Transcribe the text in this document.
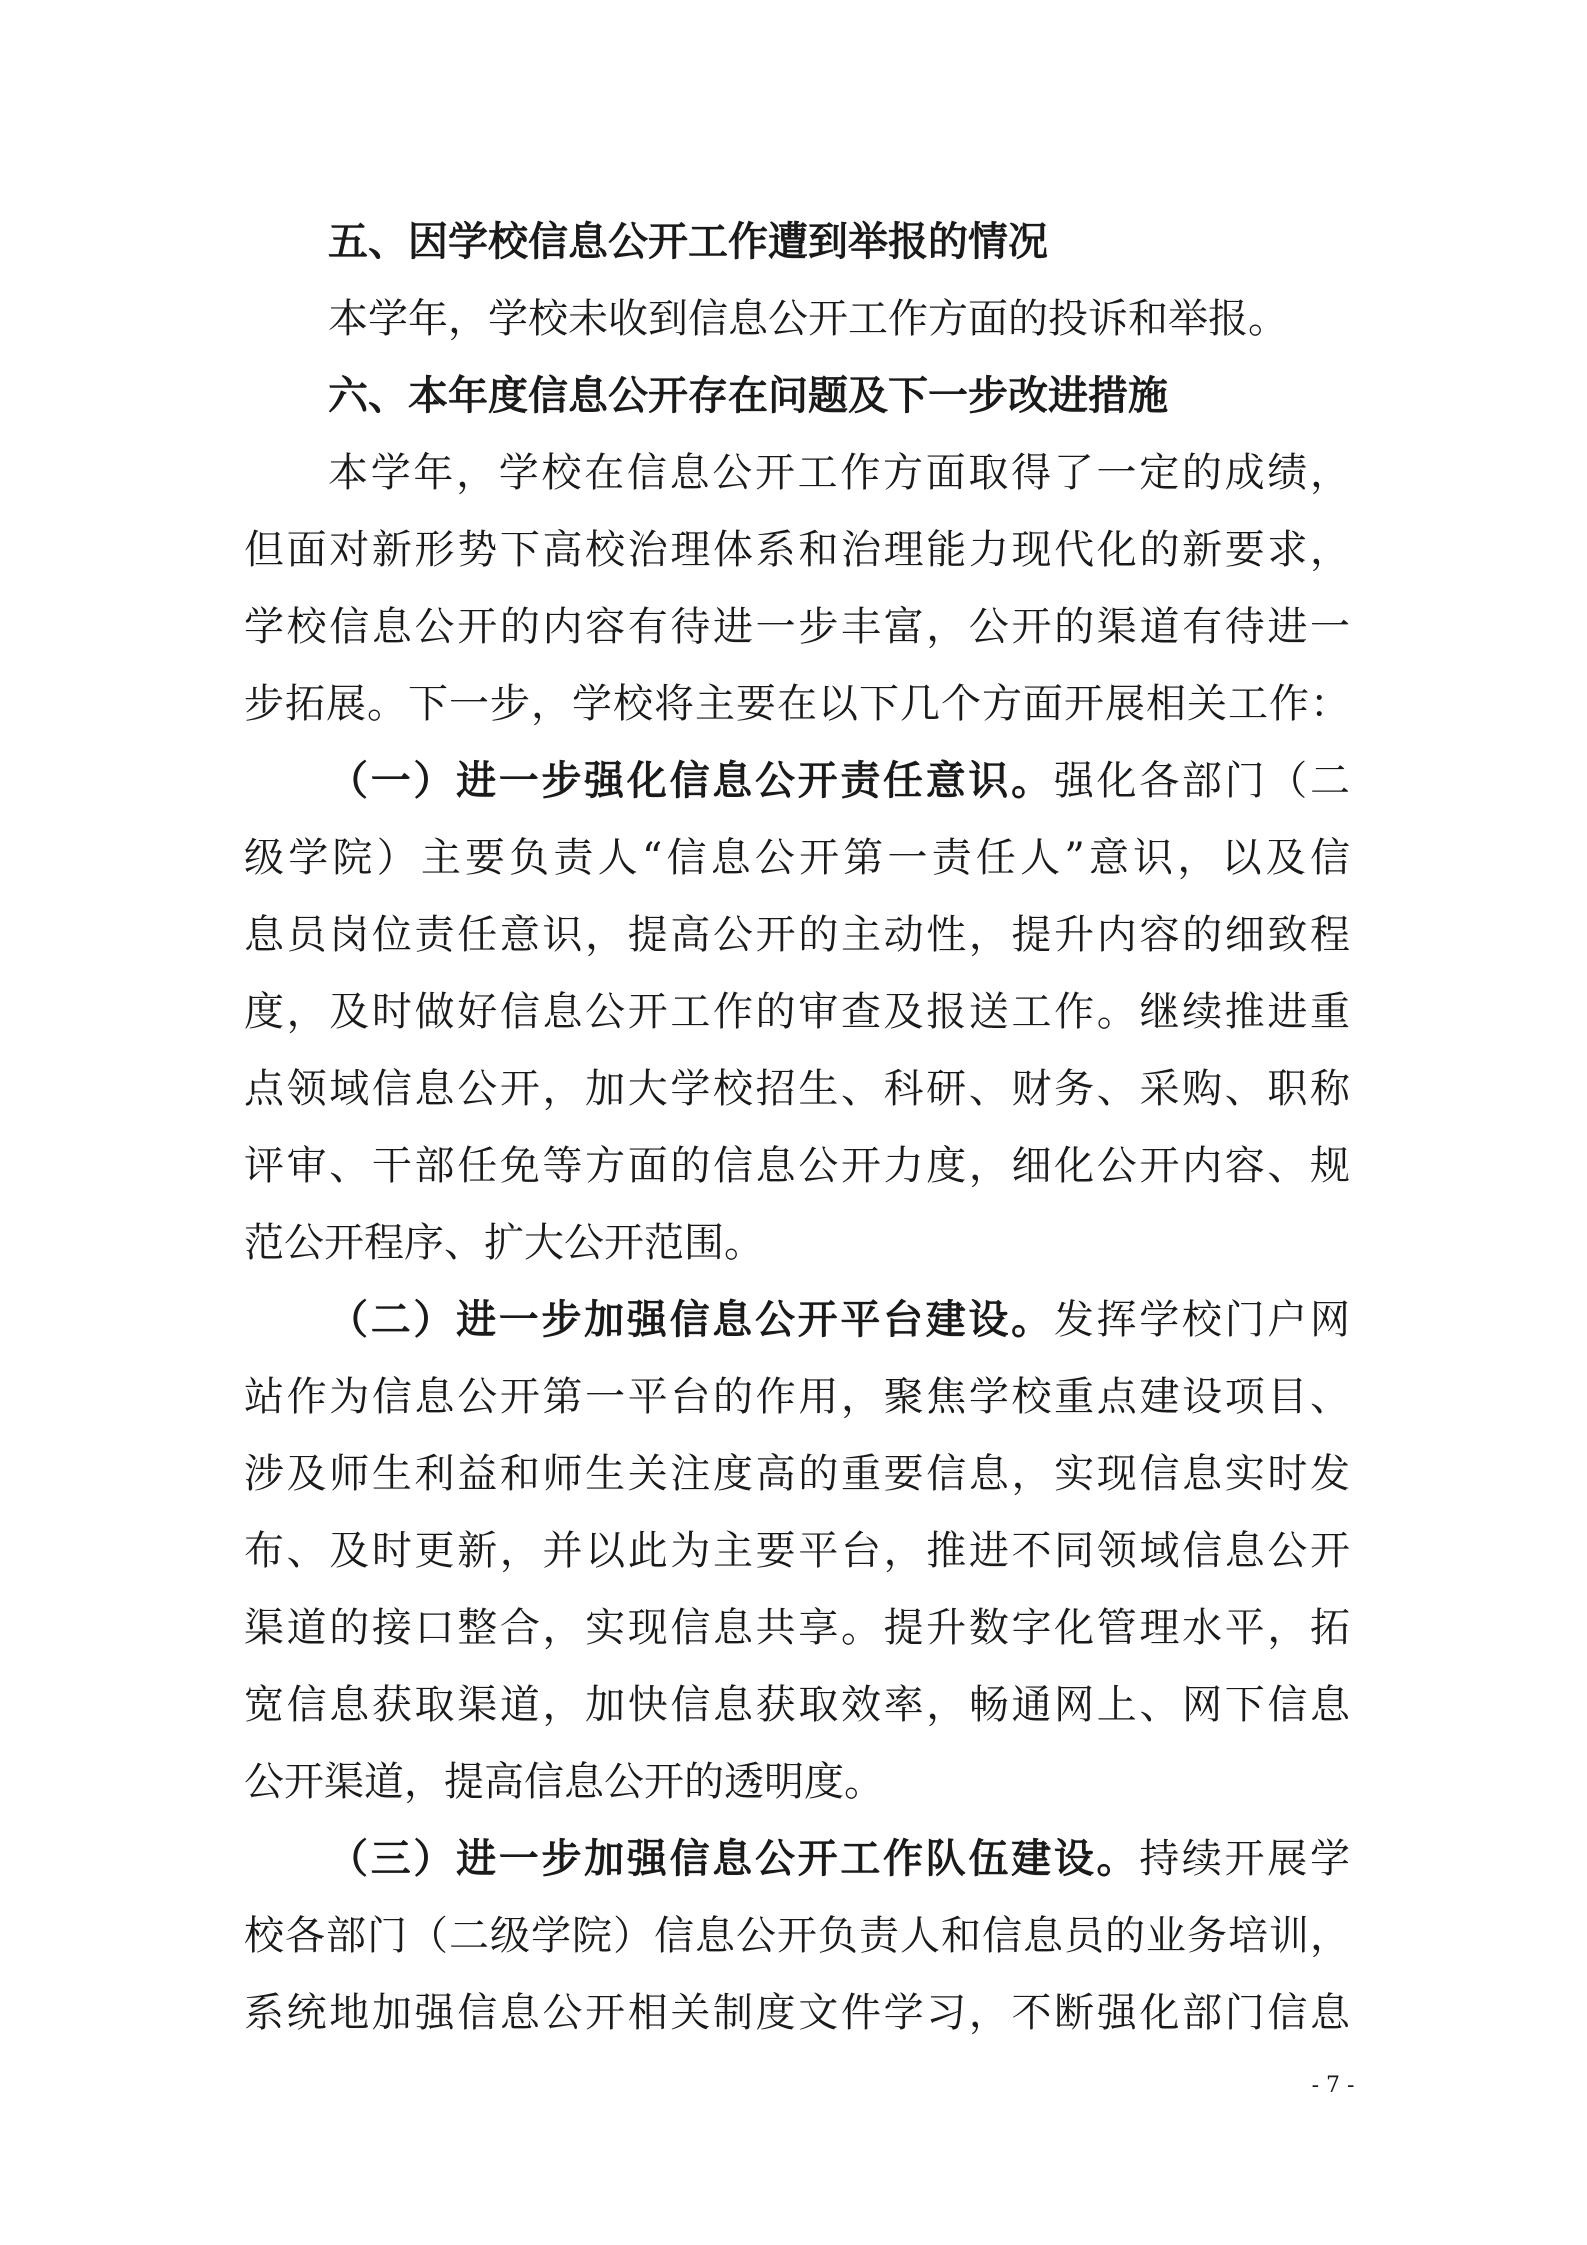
五、因学校信息公开工作遭到举报的情况
本学年，学校未收到信息公开工作方面的投诉和举报。
六、本年度信息公开存在问题及下一步改进措施
本学年，学校在信息公开工作方面取得了一定的成绩，
但面对新形势下高校治理体系和治理能力现代化的新要求，
学校信息公开的内容有待进一步丰富，公开的渠道有待进一
步拓展。下一步，学校将主要在以下几个方面开展相关工作：
（一）进一步强化信息公开责任意识。强化各部门（二
级学院）主要负责人“信息公开第一责任人”意识，以及信
息员岗位责任意识，提高公开的主动性，提升内容的细致程
度，及时做好信息公开工作的审查及报送工作。继续推进重
点领域信息公开，加大学校招生、科研、财务、采购、职称
评审、干部任免等方面的信息公开力度，细化公开内容、规
范公开程序、扩大公开范围。
（二）进一步加强信息公开平台建设。发挥学校门户网
站作为信息公开第一平台的作用，聚焦学校重点建设项目、
涉及师生利益和师生关注度高的重要信息，实现信息实时发
布、及时更新，并以此为主要平台，推进不同领域信息公开
渠道的接口整合，实现信息共享。提升数字化管理水平，拓
宽信息获取渠道，加快信息获取效率，畅通网上、网下信息
公开渠道，提高信息公开的透明度。
（三）进一步加强信息公开工作队伍建设。持续开展学
校各部门（二级学院）信息公开负责人和信息员的业务培训，
系统地加强信息公开相关制度文件学习，不断强化部门信息
- 7 -
